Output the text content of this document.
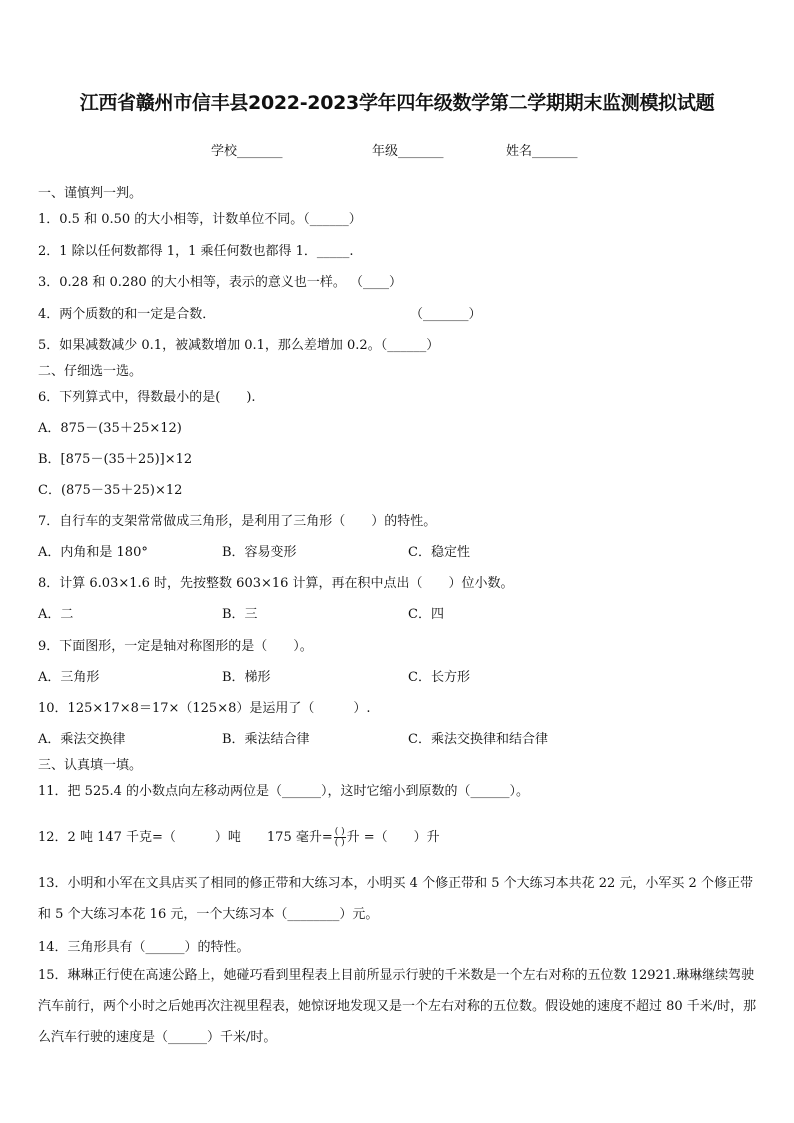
江西省赣州市信丰县2022-2023学年四年级数学第二学期期末监测模拟试题
学校_______	年级_______	姓名_______
一、谨慎判一判。
1．0.5 和 0.50 的大小相等，计数单位不同。（______）
2．1 除以任何数都得 1，1 乘任何数也都得 1．_____.
3．0.28 和 0.280 的大小相等，表示的意义也一样。 （____）
4．两个质数的和一定是合数．	（_______）
5．如果减数减少 0.1，被减数增加 0.1，那么差增加 0.2。（______）
二、仔细选一选。
6．下列算式中，得数最小的是(　　).
A．875－(35＋25×12)
B．[875－(35＋25)]×12
C．(875－35＋25)×12
7．自行车的支架常常做成三角形，是利用了三角形（　　）的特性。
A．内角和是 180°	B．容易变形	C．稳定性
8．计算 6.03×1.6 时，先按整数 603×16 计算，再在积中点出（　　）位小数。
A．二	B．三	C．四
9．下面图形，一定是轴对称图形的是（　　）。
A．三角形	B．梯形	C．长方形
10．125×17×8＝17×（125×8）是运用了（　　　）.
A．乘法交换律	B．乘法结合律	C．乘法交换律和结合律
三、认真填一填。
11．把 525.4 的小数点向左移动两位是（______），这时它缩小到原数的（______）。
12．2 吨 147 千克=（　　　）吨　　175 毫升= $\frac{( )}{( )}$ 升 =（　　）升
13．小明和小军在文具店买了相同的修正带和大练习本，小明买 4 个修正带和 5 个大练习本共花 22 元，小军买 2 个修正带和 5 个大练习本花 16 元，一个大练习本（________）元。
14．三角形具有（______）的特性。
15．琳琳正行使在高速公路上，她碰巧看到里程表上目前所显示行驶的千米数是一个左右对称的五位数 12921.琳琳继续驾驶汽车前行，两个小时之后她再次注视里程表，她惊讶地发现又是一个左右对称的五位数。假设她的速度不超过 80 千米/时，那么汽车行驶的速度是（______）千米/时。
